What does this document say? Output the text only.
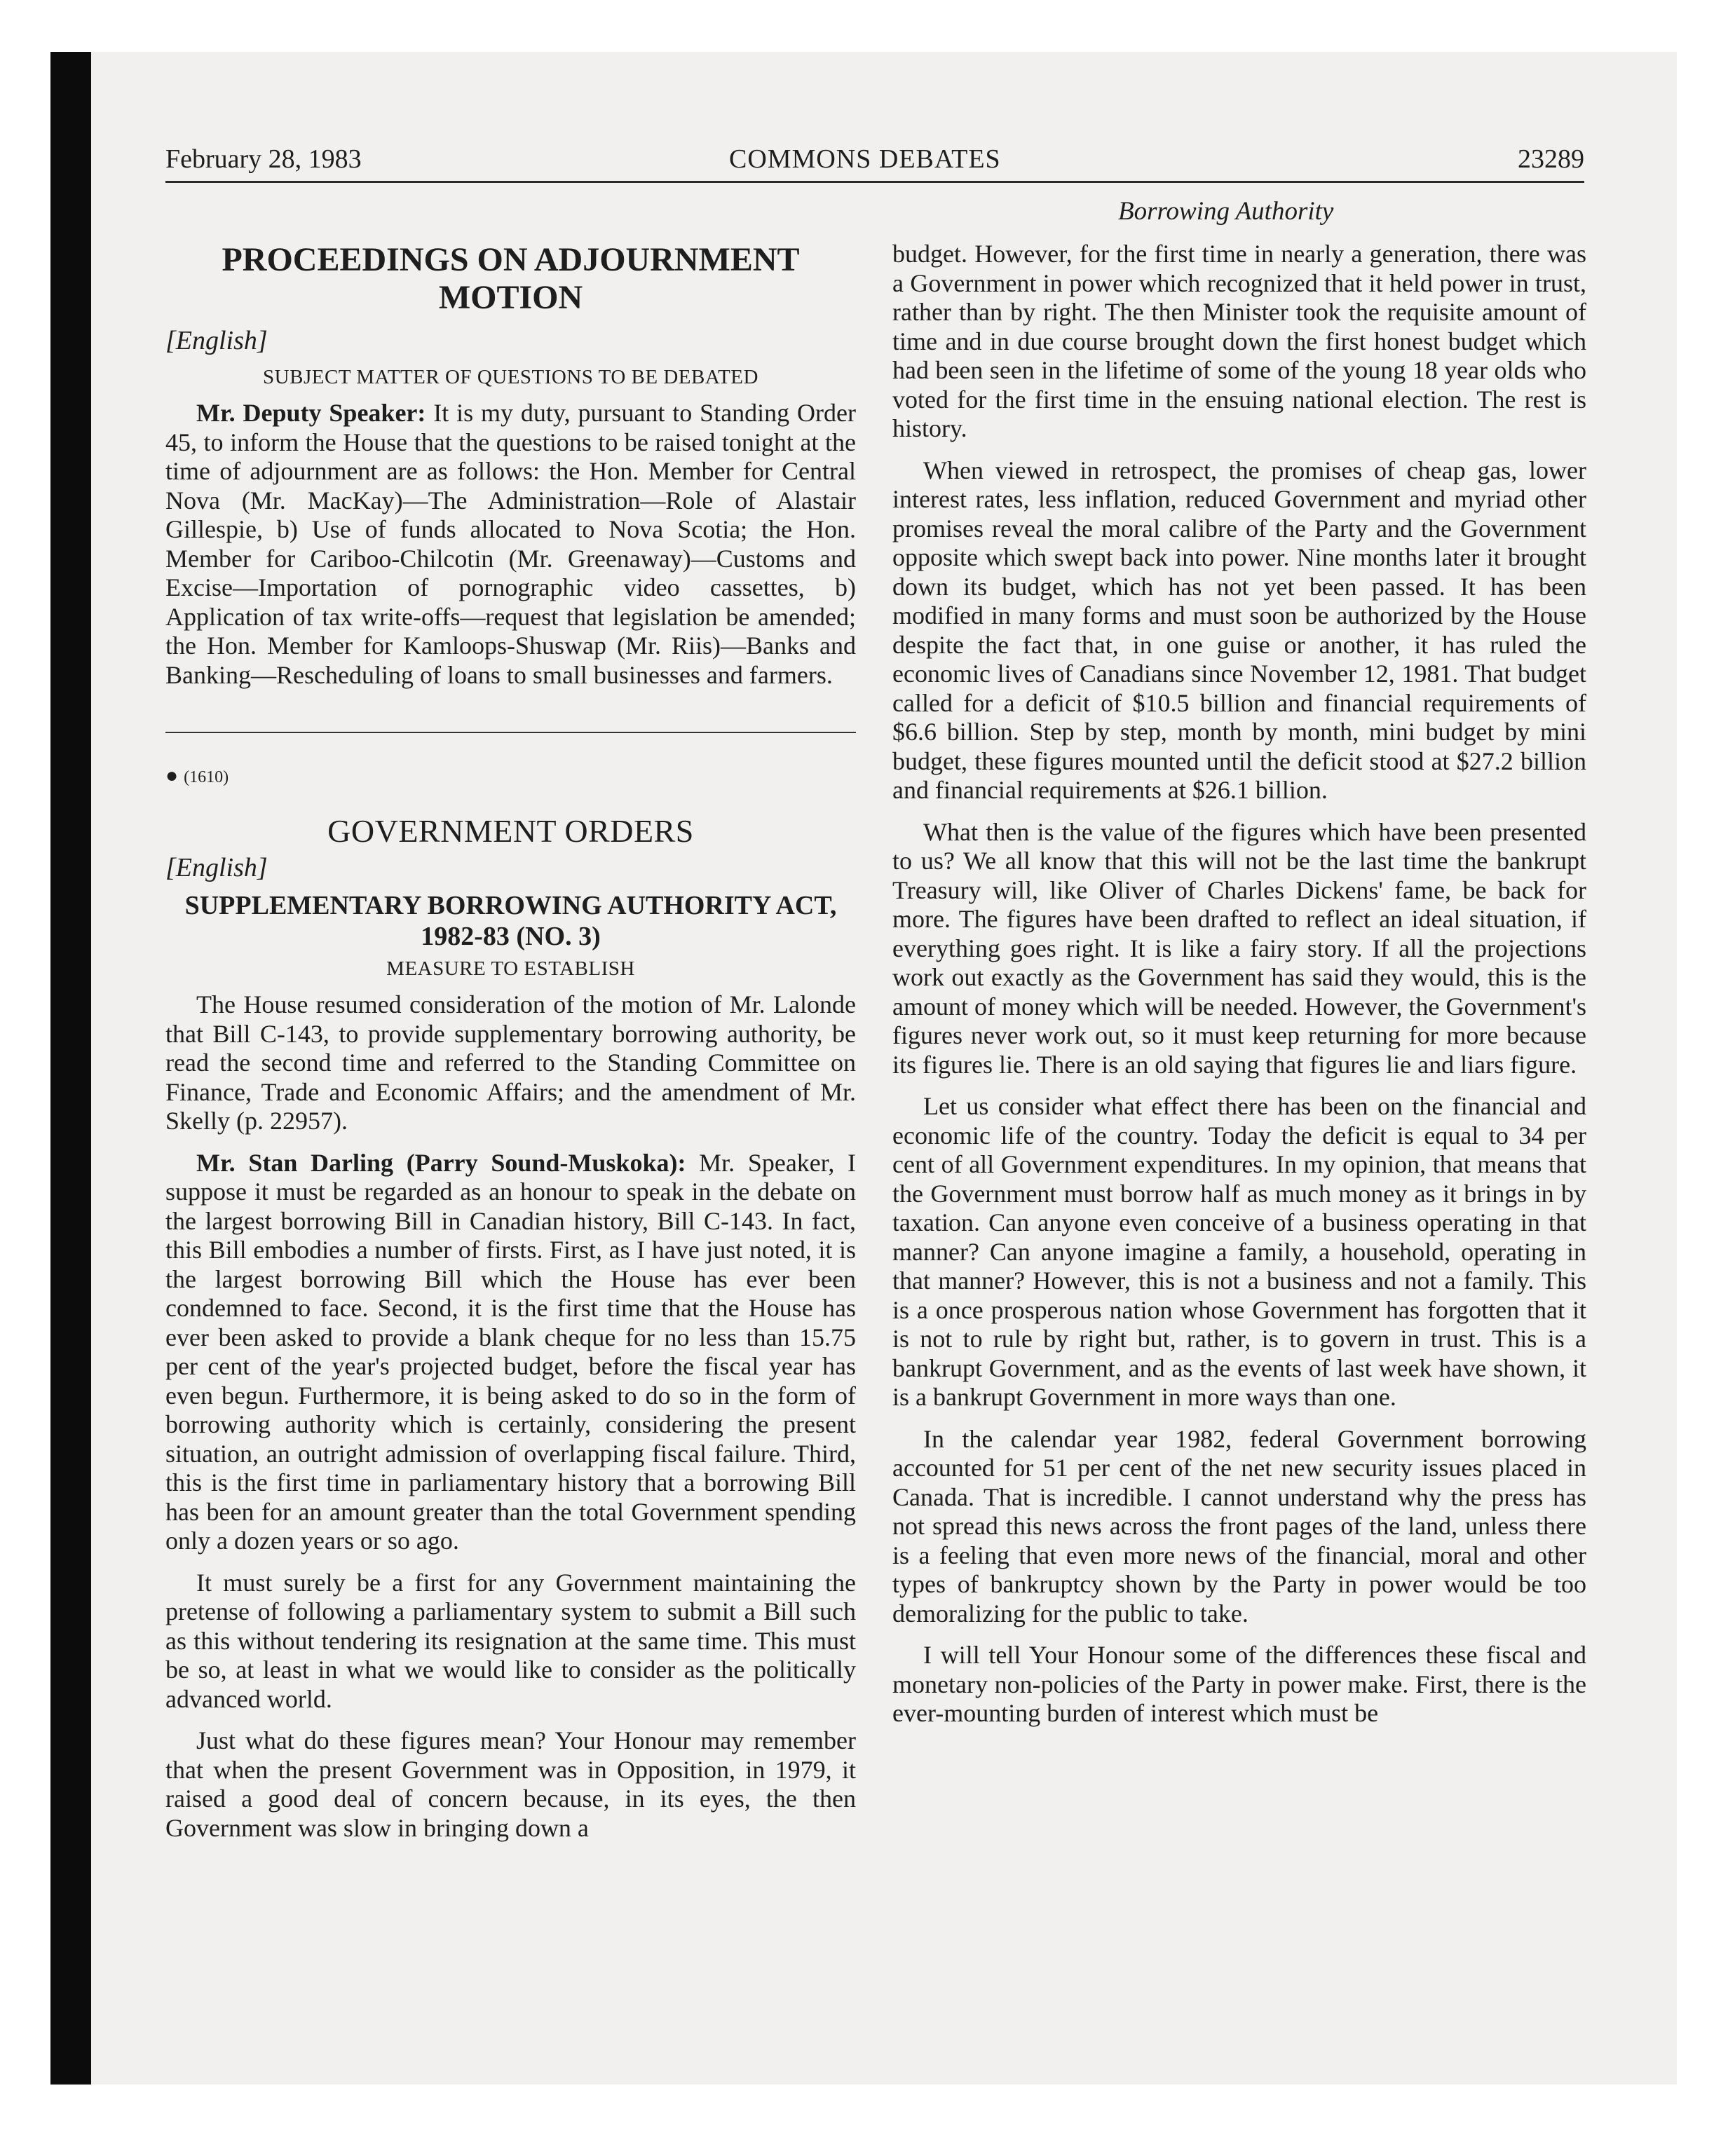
February 28, 1983	COMMONS DEBATES	23289
Borrowing Authority
PROCEEDINGS ON ADJOURNMENT MOTION
[English]
SUBJECT MATTER OF QUESTIONS TO BE DEBATED

Mr. Deputy Speaker: It is my duty, pursuant to Standing Order 45, to inform the House that the questions to be raised tonight at the time of adjournment are as follows: the Hon. Member for Central Nova (Mr. MacKay)—The Administration—Role of Alastair Gillespie, b) Use of funds allocated to Nova Scotia; the Hon. Member for Cariboo-Chilcotin (Mr. Greenaway)—Customs and Excise—Importation of pornographic video cassettes, b) Application of tax write-offs—request that legislation be amended; the Hon. Member for Kamloops-Shuswap (Mr. Riis)—Banks and Banking—Rescheduling of loans to small businesses and farmers.

● (1610)
GOVERNMENT ORDERS
[English]
SUPPLEMENTARY BORROWING AUTHORITY ACT, 1982-83 (NO. 3)
MEASURE TO ESTABLISH

The House resumed consideration of the motion of Mr. Lalonde that Bill C-143, to provide supplementary borrowing authority, be read the second time and referred to the Standing Committee on Finance, Trade and Economic Affairs; and the amendment of Mr. Skelly (p. 22957).

Mr. Stan Darling (Parry Sound-Muskoka): Mr. Speaker, I suppose it must be regarded as an honour to speak in the debate on the largest borrowing Bill in Canadian history, Bill C-143. In fact, this Bill embodies a number of firsts. First, as I have just noted, it is the largest borrowing Bill which the House has ever been condemned to face. Second, it is the first time that the House has ever been asked to provide a blank cheque for no less than 15.75 per cent of the year's projected budget, before the fiscal year has even begun. Furthermore, it is being asked to do so in the form of borrowing authority which is certainly, considering the present situation, an outright admission of overlapping fiscal failure. Third, this is the first time in parliamentary history that a borrowing Bill has been for an amount greater than the total Government spending only a dozen years or so ago.

It must surely be a first for any Government maintaining the pretense of following a parliamentary system to submit a Bill such as this without tendering its resignation at the same time. This must be so, at least in what we would like to consider as the politically advanced world.

Just what do these figures mean? Your Honour may remember that when the present Government was in Opposition, in 1979, it raised a good deal of concern because, in its eyes, the then Government was slow in bringing down a

budget. However, for the first time in nearly a generation, there was a Government in power which recognized that it held power in trust, rather than by right. The then Minister took the requisite amount of time and in due course brought down the first honest budget which had been seen in the lifetime of some of the young 18 year olds who voted for the first time in the ensuing national election. The rest is history.

When viewed in retrospect, the promises of cheap gas, lower interest rates, less inflation, reduced Government and myriad other promises reveal the moral calibre of the Party and the Government opposite which swept back into power. Nine months later it brought down its budget, which has not yet been passed. It has been modified in many forms and must soon be authorized by the House despite the fact that, in one guise or another, it has ruled the economic lives of Canadians since November 12, 1981. That budget called for a deficit of $10.5 billion and financial requirements of $6.6 billion. Step by step, month by month, mini budget by mini budget, these figures mounted until the deficit stood at $27.2 billion and financial requirements at $26.1 billion.

What then is the value of the figures which have been presented to us? We all know that this will not be the last time the bankrupt Treasury will, like Oliver of Charles Dickens' fame, be back for more. The figures have been drafted to reflect an ideal situation, if everything goes right. It is like a fairy story. If all the projections work out exactly as the Government has said they would, this is the amount of money which will be needed. However, the Government's figures never work out, so it must keep returning for more because its figures lie. There is an old saying that figures lie and liars figure.

Let us consider what effect there has been on the financial and economic life of the country. Today the deficit is equal to 34 per cent of all Government expenditures. In my opinion, that means that the Government must borrow half as much money as it brings in by taxation. Can anyone even conceive of a business operating in that manner? Can anyone imagine a family, a household, operating in that manner? However, this is not a business and not a family. This is a once prosperous nation whose Government has forgotten that it is not to rule by right but, rather, is to govern in trust. This is a bankrupt Government, and as the events of last week have shown, it is a bankrupt Government in more ways than one.

In the calendar year 1982, federal Government borrowing accounted for 51 per cent of the net new security issues placed in Canada. That is incredible. I cannot understand why the press has not spread this news across the front pages of the land, unless there is a feeling that even more news of the financial, moral and other types of bankruptcy shown by the Party in power would be too demoralizing for the public to take.

I will tell Your Honour some of the differences these fiscal and monetary non-policies of the Party in power make. First, there is the ever-mounting burden of interest which must be
